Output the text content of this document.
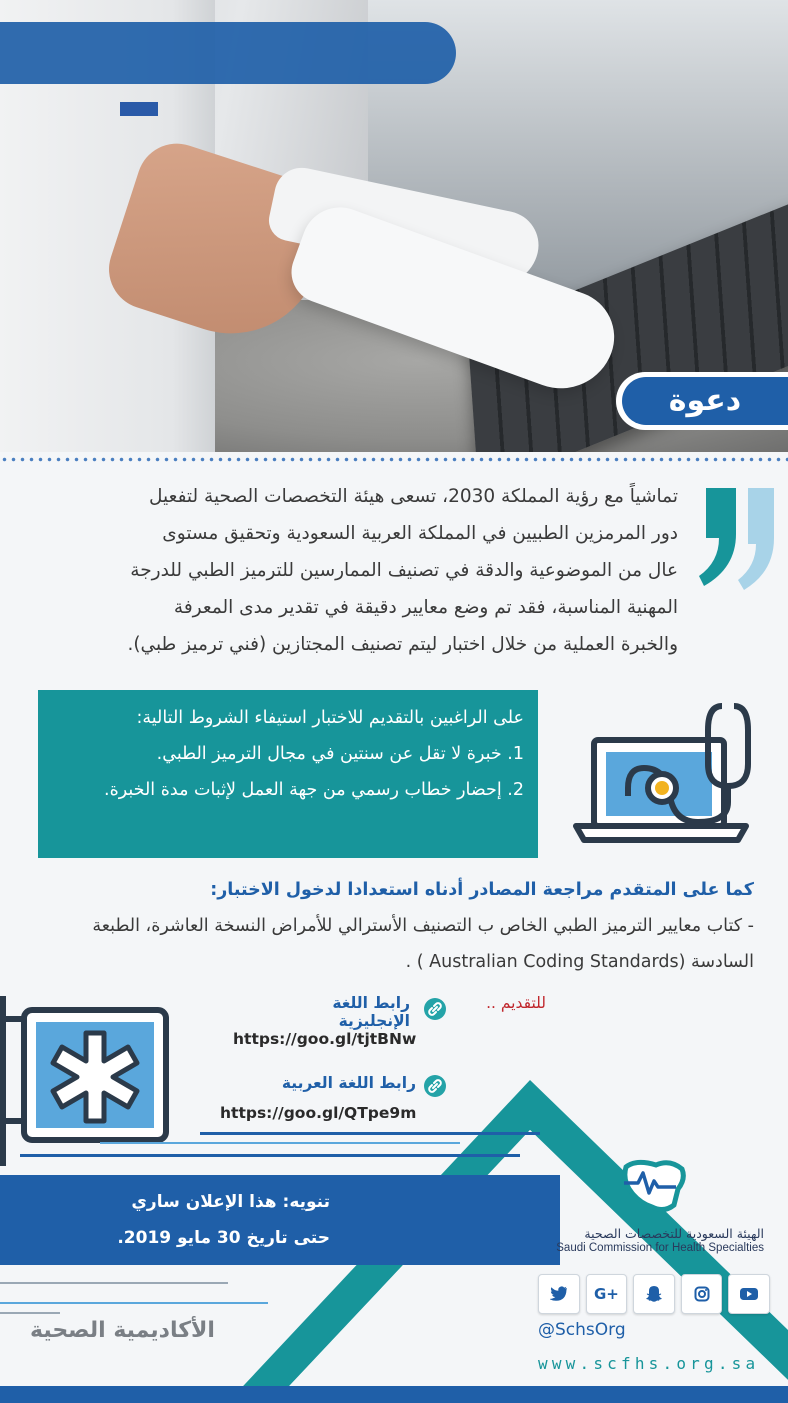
دعوة
تماشياً مع رؤية المملكة 2030، تسعى هيئة التخصصات الصحية لتفعيل
دور المرمزين الطبيين في المملكة العربية السعودية وتحقيق مستوى
عال من الموضوعية والدقة في تصنيف الممارسين للترميز الطبي للدرجة
المهنية المناسبة، فقد تم وضع معايير دقيقة في تقدير مدى المعرفة
والخبرة العملية من خلال اختبار ليتم تصنيف المجتازين (فني ترميز طبي).
على الراغبين بالتقديم للاختبار استيفاء الشروط التالية:
1. خبرة لا تقل عن سنتين في مجال الترميز الطبي.
2. إحضار خطاب رسمي من جهة العمل لإثبات مدة الخبرة.
كما على المتقدم مراجعة المصادر أدناه استعدادا لدخول الاختبار:
- كتاب معايير الترميز الطبي الخاص ب التصنيف الأسترالي للأمراض النسخة العاشرة، الطبعة السادسة (Australian Coding Standards ) .
للتقديم ..
رابط اللغة الإنجليزية
https://goo.gl/tjtBNw
رابط اللغة العربية
https://goo.gl/QTpe9m
تنويه: هذا الإعلان ساري
حتى تاريخ 30 مايو 2019.	الهيئة السعودية للتخصصات الصحية
Saudi Commission for Health Specialties
G+
@SchsOrg
www.scfhs.org.sa
الأكاديمية الصحية
